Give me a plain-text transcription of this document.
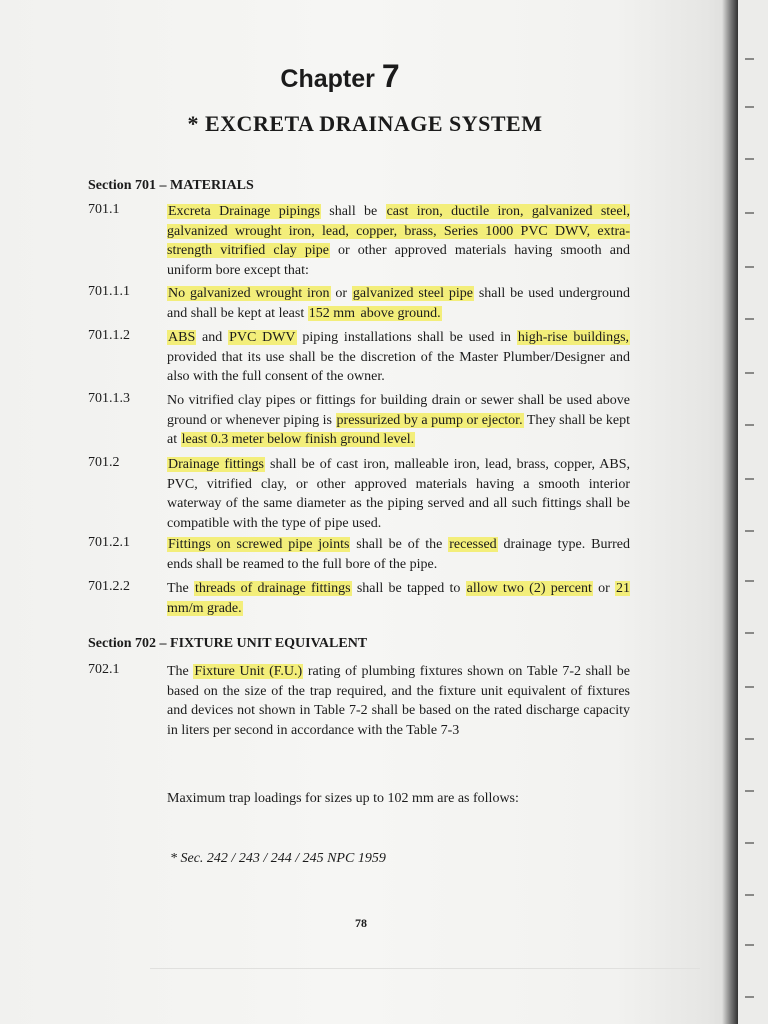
Chapter 7
* EXCRETA DRAINAGE SYSTEM
Section 701 – MATERIALS
701.1	Excreta Drainage pipings shall be cast iron, ductile iron, galvanized steel, galvanized wrought iron, lead, copper, brass, Series 1000 PVC DWV, extra-strength vitrified clay pipe or other approved materials having smooth and uniform bore except that:
701.1.1	No galvanized wrought iron or galvanized steel pipe shall be used underground and shall be kept at least 152 mm above ground.
701.1.2	ABS and PVC DWV piping installations shall be used in high-rise buildings, provided that its use shall be the discretion of the Master Plumber/Designer and also with the full consent of the owner.
701.1.3	No vitrified clay pipes or fittings for building drain or sewer shall be used above ground or whenever piping is pressurized by a pump or ejector. They shall be kept at least 0.3 meter below finish ground level.
701.2	Drainage fittings shall be of cast iron, malleable iron, lead, brass, copper, ABS, PVC, vitrified clay, or other approved materials having a smooth interior waterway of the same diameter as the piping served and all such fittings shall be compatible with the type of pipe used.
701.2.1	Fittings on screwed pipe joints shall be of the recessed drainage type. Burred ends shall be reamed to the full bore of the pipe.
701.2.2	The threads of drainage fittings shall be tapped to allow two (2) percent or 21 mm/m grade.
Section 702 – FIXTURE UNIT EQUIVALENT
702.1	The Fixture Unit (F.U.) rating of plumbing fixtures shown on Table 7-2 shall be based on the size of the trap required, and the fixture unit equivalent of fixtures and devices not shown in Table 7-2 shall be based on the rated discharge capacity in liters per second in accordance with the Table 7-3
Maximum trap loadings for sizes up to 102 mm are as follows:
* Sec. 242 / 243 / 244 / 245 NPC 1959
78
